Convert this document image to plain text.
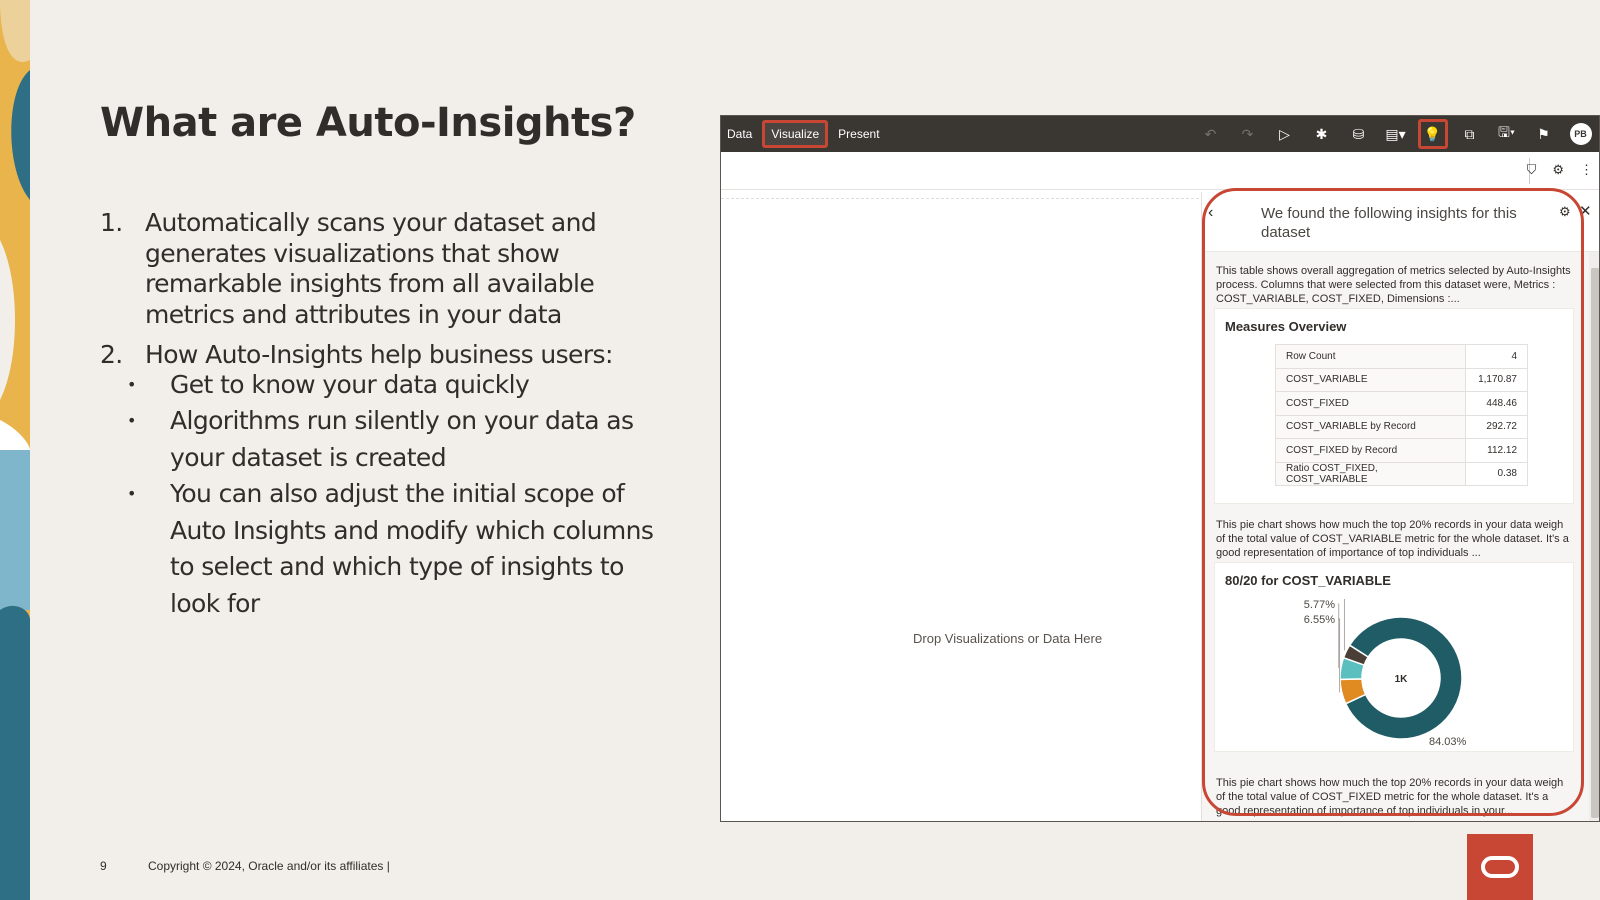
What are Auto-Insights?
1. Automatically scans your dataset and generates visualizations that show remarkable insights from all available metrics and attributes in your data
2. How Auto-Insights help business users:
•	Get to know your data quickly
•	Algorithms run silently on your data as your dataset is created
•	You can also adjust the initial scope of Auto Insights and modify which columns to select and which type of insights to look for
9	Copyright © 2024, Oracle and/or its affiliates |
Data	Visualize	Present	↶	↷	▷	✱	⛁	▤▾	💡	⧉	🖫▾	⚑	PB
⛉ ⚙ ⋮
Drop Visualizations or Data Here
‹	We found the following insights for this dataset
⚙ ✕
This table shows overall aggregation of metrics selected by Auto-Insights process. Columns that were selected from this dataset were, Metrics : COST_VARIABLE, COST_FIXED, Dimensions :...
Measures Overview
Row Count	4
COST_VARIABLE	1,170.87
COST_FIXED	448.46
COST_VARIABLE by Record	292.72
COST_FIXED by Record	112.12
Ratio COST_FIXED, COST_VARIABLE	0.38
This pie chart shows how much the top 20% records in your data weigh of the total value of COST_VARIABLE metric for the whole dataset. It's a good representation of importance of top individuals ...
80/20 for COST_VARIABLE
84.03%
6.55%
5.77%
1K
This pie chart shows how much the top 20% records in your data weigh of the total value of COST_FIXED metric for the whole dataset. It's a good representation of importance of top individuals in your...
